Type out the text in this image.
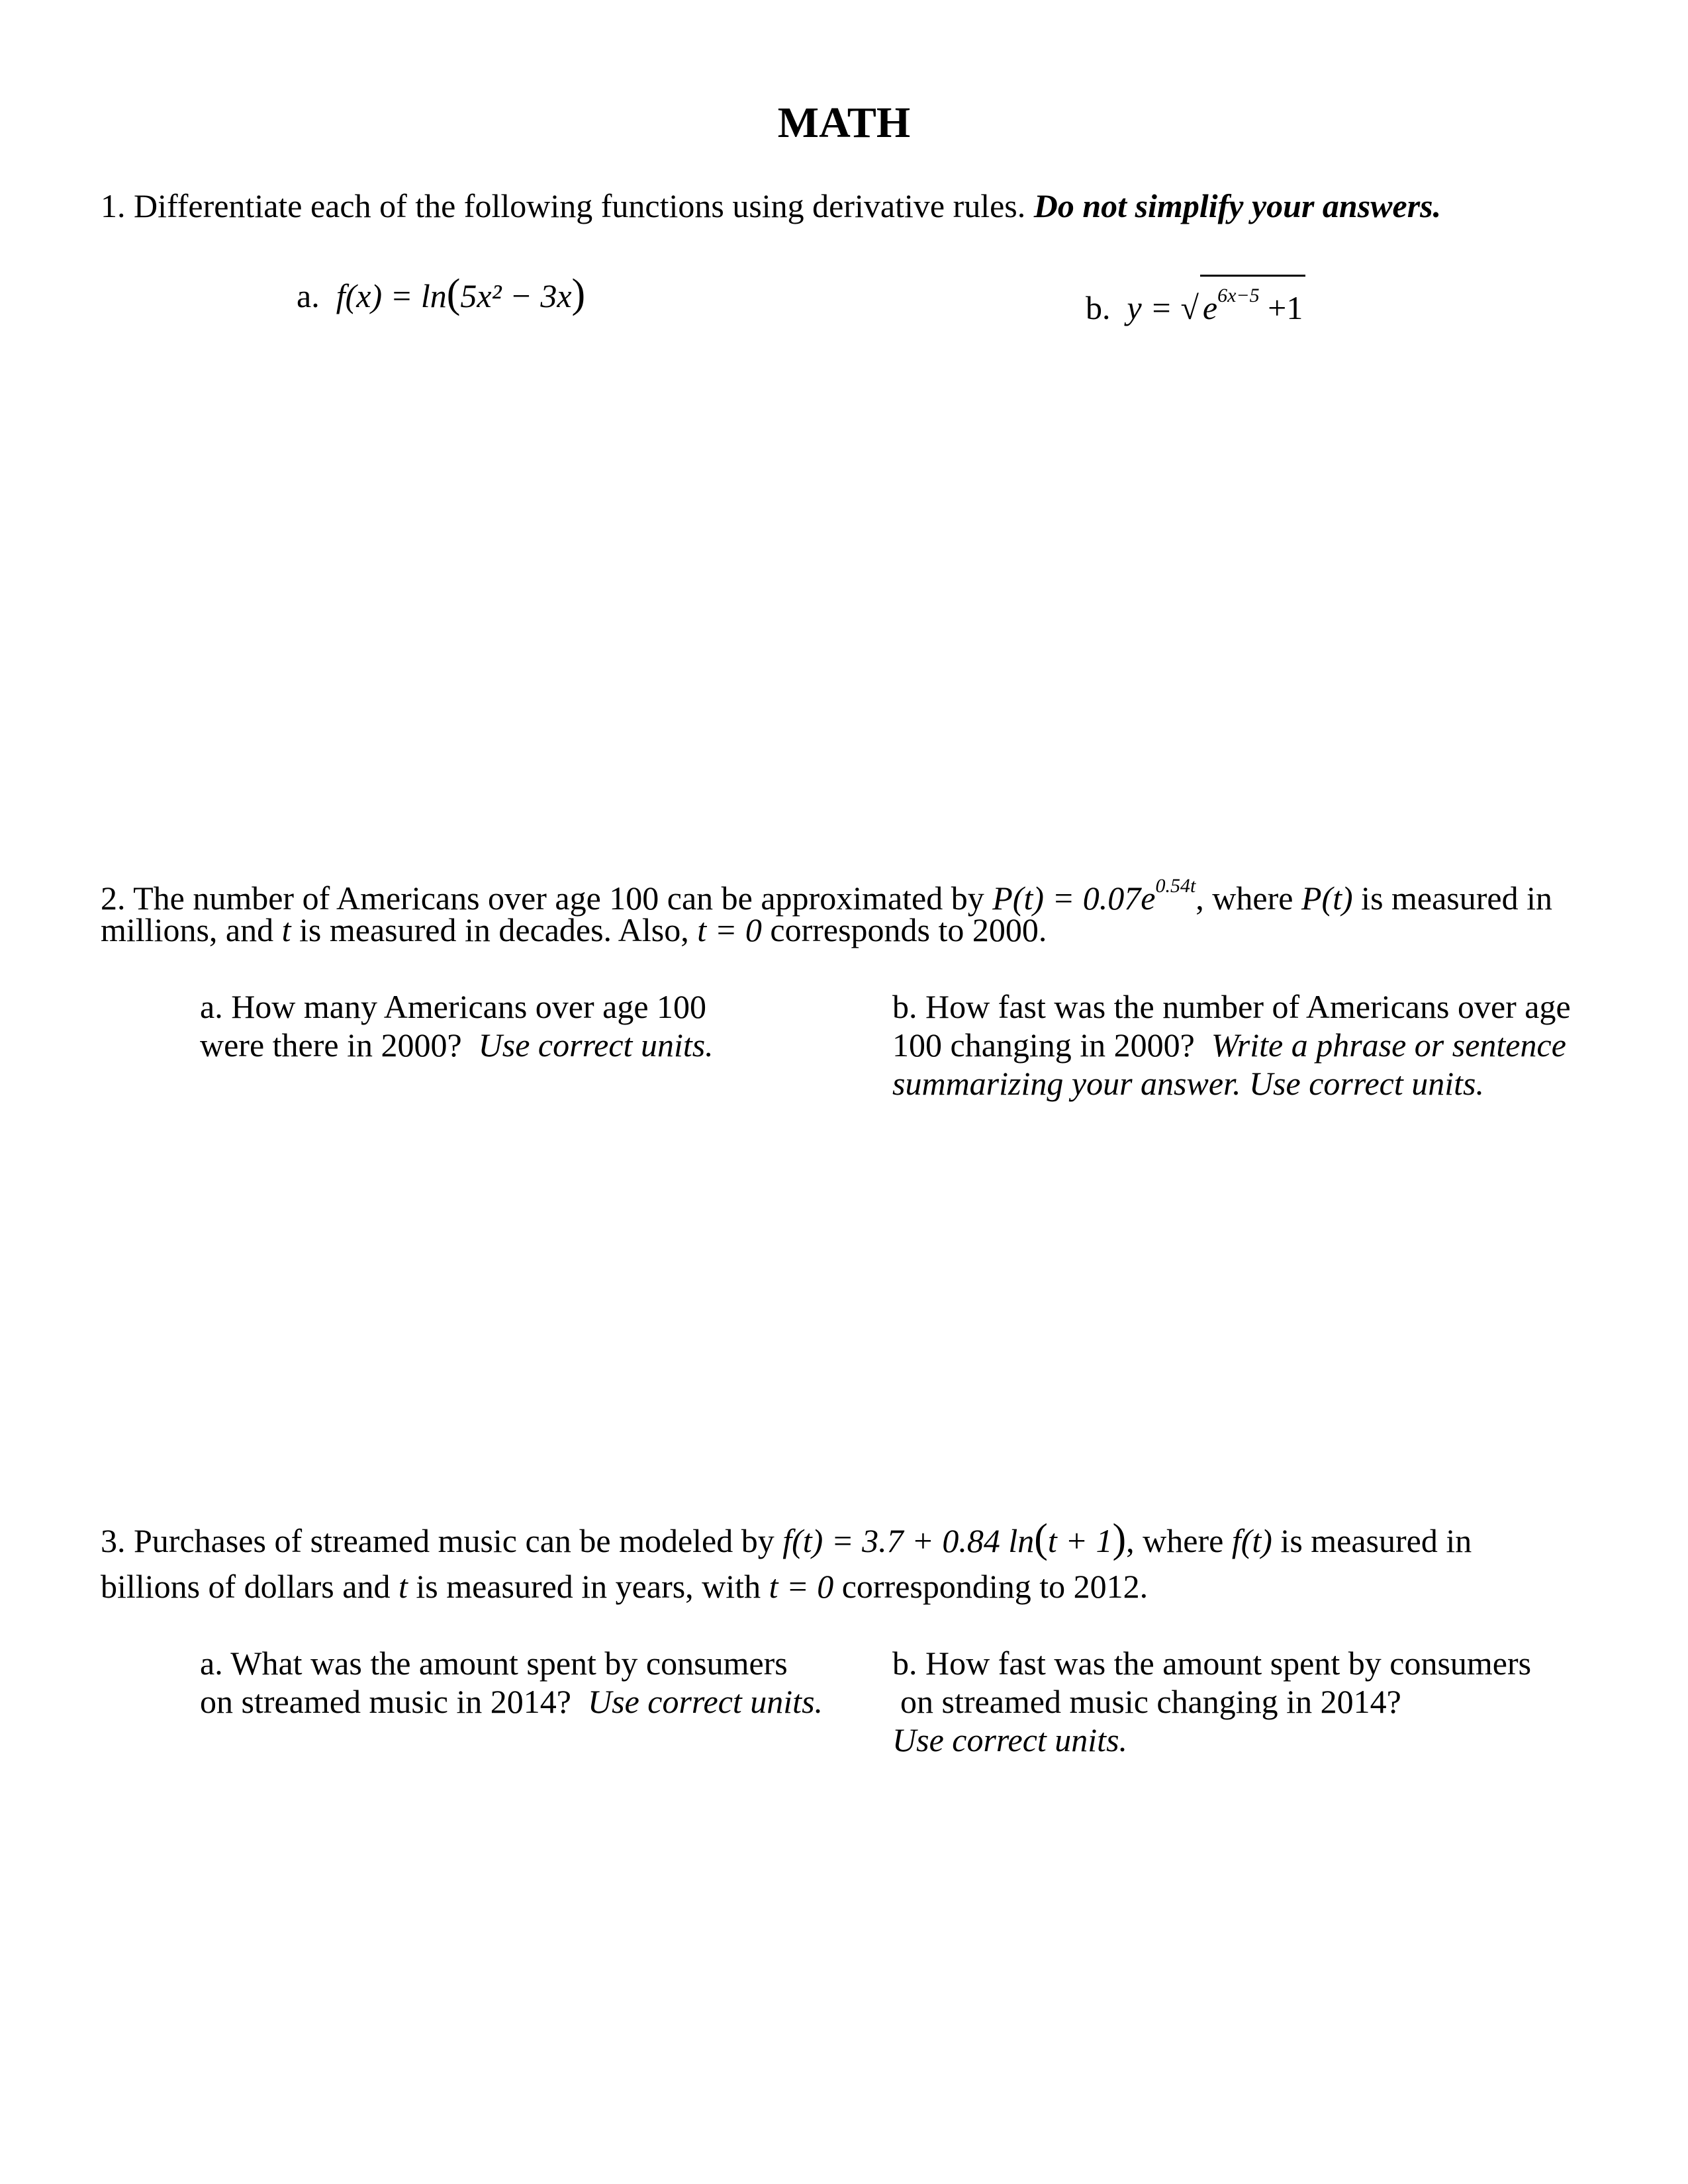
MATH
1. Differentiate each of the following functions using derivative rules. Do not simplify your answers.
a. f(x) = ln(5x² − 3x)	b. y = √ $e^{6x-5} +1$
2. The number of Americans over age 100 can be approximated by $P(t) = 0.07e^{0.54t}$, where P(t) is measured in
millions, and t is measured in decades. Also, t = 0 corresponds to 2000.
a. How many Americans over age 100
were there in 2000? Use correct units.
b. How fast was the number of Americans over age
100 changing in 2000? Write a phrase or sentence
summarizing your answer. Use correct units.
3. Purchases of streamed music can be modeled by f(t) = 3.7 + 0.84 ln(t + 1), where f(t) is measured in
billions of dollars and t is measured in years, with t = 0 corresponding to 2012.
a. What was the amount spent by consumers
on streamed music in 2014? Use correct units.
b. How fast was the amount spent by consumers
on streamed music changing in 2014?
Use correct units.
